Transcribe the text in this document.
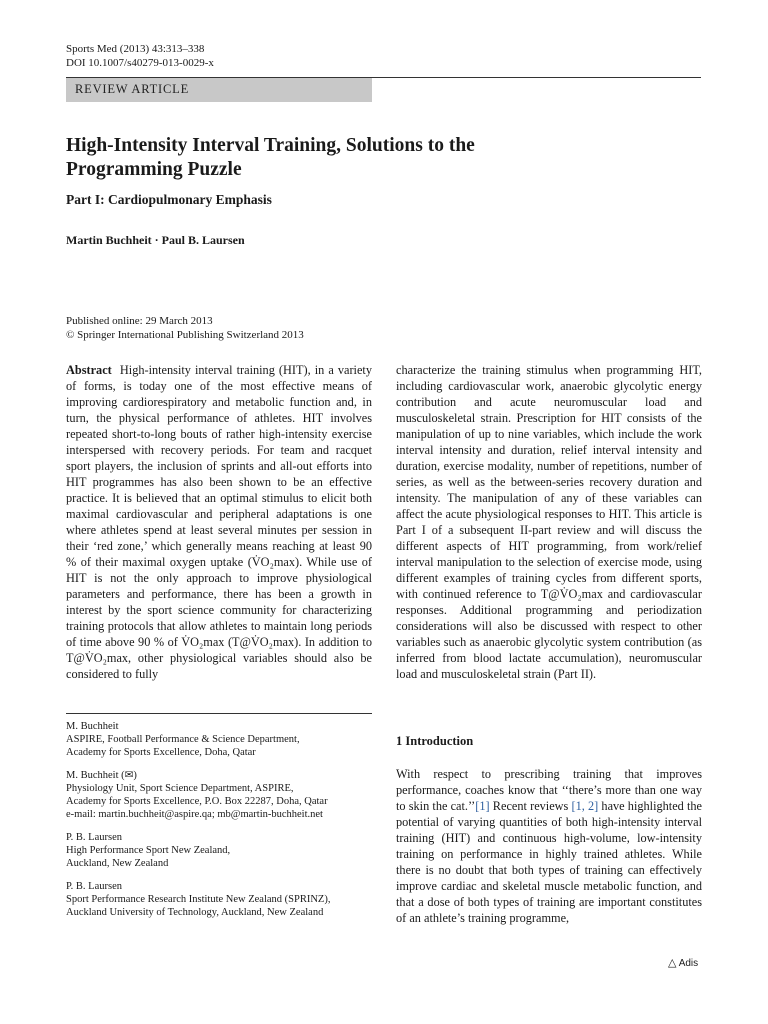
Sports Med (2013) 43:313–338
DOI 10.1007/s40279-013-0029-x
REVIEW ARTICLE
High-Intensity Interval Training, Solutions to the Programming Puzzle
Part I: Cardiopulmonary Emphasis
Martin Buchheit · Paul B. Laursen
Published online: 29 March 2013
© Springer International Publishing Switzerland 2013
Abstract High-intensity interval training (HIT), in a variety of forms, is today one of the most effective means of improving cardiorespiratory and metabolic function and, in turn, the physical performance of athletes. HIT involves repeated short-to-long bouts of rather high-intensity exercise interspersed with recovery periods. For team and racquet sport players, the inclusion of sprints and all-out efforts into HIT programmes has also been shown to be an effective practice. It is believed that an optimal stimulus to elicit both maximal cardiovascular and peripheral adaptations is one where athletes spend at least several minutes per session in their ‘red zone,’ which generally means reaching at least 90 % of their maximal oxygen uptake (V̇O₂max). While use of HIT is not the only approach to improve physiological parameters and performance, there has been a growth in interest by the sport science community for characterizing training protocols that allow athletes to maintain long periods of time above 90 % of V̇O₂max (T@V̇O₂max). In addition to T@V̇O₂max, other physiological variables should also be considered to fully
characterize the training stimulus when programming HIT, including cardiovascular work, anaerobic glycolytic energy contribution and acute neuromuscular load and musculoskeletal strain. Prescription for HIT consists of the manipulation of up to nine variables, which include the work interval intensity and duration, relief interval intensity and duration, exercise modality, number of repetitions, number of series, as well as the between-series recovery duration and intensity. The manipulation of any of these variables can affect the acute physiological responses to HIT. This article is Part I of a subsequent II-part review and will discuss the different aspects of HIT programming, from work/relief interval manipulation to the selection of exercise mode, using different examples of training cycles from different sports, with continued reference to T@V̇O₂max and cardiovascular responses. Additional programming and periodization considerations will also be discussed with respect to other variables such as anaerobic glycolytic system contribution (as inferred from blood lactate accumulation), neuromuscular load and musculoskeletal strain (Part II).
M. Buchheit
ASPIRE, Football Performance & Science Department,
Academy for Sports Excellence, Doha, Qatar
M. Buchheit (✉)
Physiology Unit, Sport Science Department, ASPIRE,
Academy for Sports Excellence, P.O. Box 22287, Doha, Qatar
e-mail: martin.buchheit@aspire.qa; mb@martin-buchheit.net
P. B. Laursen
High Performance Sport New Zealand,
Auckland, New Zealand
P. B. Laursen
Sport Performance Research Institute New Zealand (SPRINZ),
Auckland University of Technology, Auckland, New Zealand
1 Introduction
With respect to prescribing training that improves performance, coaches know that ‘‘there’s more than one way to skin the cat.’’[1] Recent reviews [1, 2] have highlighted the potential of varying quantities of both high-intensity interval training (HIT) and continuous high-volume, low-intensity training on performance in highly trained athletes. While there is no doubt that both types of training can effectively improve cardiac and skeletal muscle metabolic function, and that a dose of both types of training are important constitutes of an athlete’s training programme,
△ Adis
